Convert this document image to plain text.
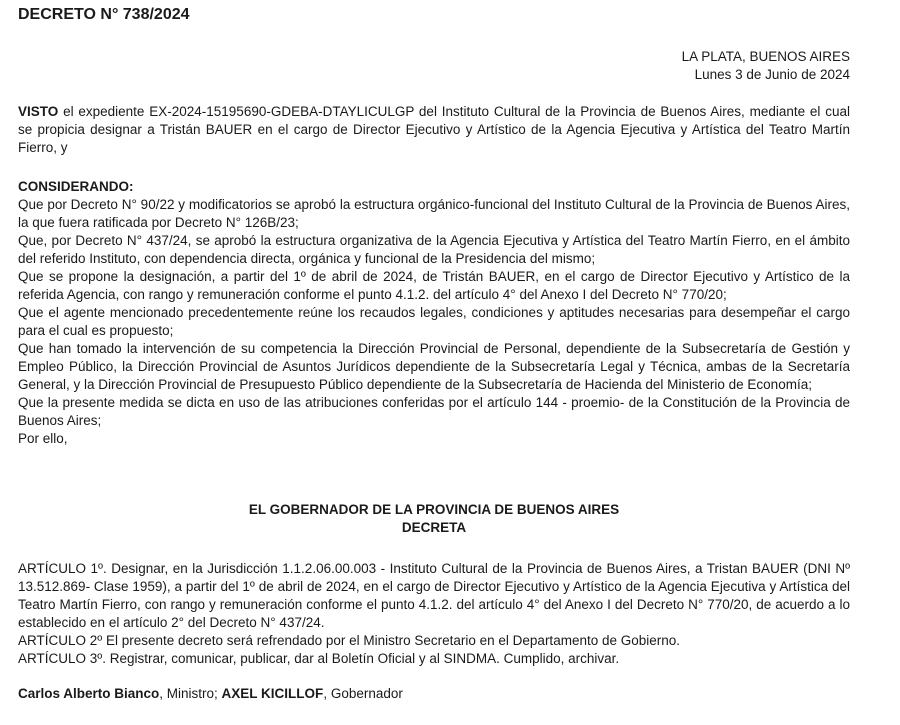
DECRETO N° 738/2024
LA PLATA, BUENOS AIRES
Lunes 3 de Junio de 2024
VISTO el expediente EX-2024-15195690-GDEBA-DTAYLICULGP del Instituto Cultural de la Provincia de Buenos Aires, mediante el cual se propicia designar a Tristán BAUER en el cargo de Director Ejecutivo y Artístico de la Agencia Ejecutiva y Artística del Teatro Martín Fierro, y
CONSIDERANDO:

Que por Decreto N° 90/22 y modificatorios se aprobó la estructura orgánico-funcional del Instituto Cultural de la Provincia de Buenos Aires, la que fuera ratificada por Decreto N° 126B/23;

Que, por Decreto N° 437/24, se aprobó la estructura organizativa de la Agencia Ejecutiva y Artística del Teatro Martín Fierro, en el ámbito del referido Instituto, con dependencia directa, orgánica y funcional de la Presidencia del mismo;

Que se propone la designación, a partir del 1º de abril de 2024, de Tristán BAUER, en el cargo de Director Ejecutivo y Artístico de la referida Agencia, con rango y remuneración conforme el punto 4.1.2. del artículo 4° del Anexo I del Decreto N° 770/20;

Que el agente mencionado precedentemente reúne los recaudos legales, condiciones y aptitudes necesarias para desempeñar el cargo para el cual es propuesto;

Que han tomado la intervención de su competencia la Dirección Provincial de Personal, dependiente de la Subsecretaría de Gestión y Empleo Público, la Dirección Provincial de Asuntos Jurídicos dependiente de la Subsecretaría Legal y Técnica, ambas de la Secretaría General, y la Dirección Provincial de Presupuesto Público dependiente de la Subsecretaría de Hacienda del Ministerio de Economía;

Que la presente medida se dicta en uso de las atribuciones conferidas por el artículo 144 - proemio- de la Constitución de la Provincia de Buenos Aires;

Por ello,

EL GOBERNADOR DE LA PROVINCIA DE BUENOS AIRES
DECRETA

ARTÍCULO 1º. Designar, en la Jurisdicción 1.1.2.06.00.003 - Instituto Cultural de la Provincia de Buenos Aires, a Tristan BAUER (DNI Nº 13.512.869- Clase 1959), a partir del 1º de abril de 2024, en el cargo de Director Ejecutivo y Artístico de la Agencia Ejecutiva y Artística del Teatro Martín Fierro, con rango y remuneración conforme el punto 4.1.2. del artículo 4° del Anexo I del Decreto N° 770/20, de acuerdo a lo establecido en el artículo 2° del Decreto N° 437/24.

ARTÍCULO 2º El presente decreto será refrendado por el Ministro Secretario en el Departamento de Gobierno.

ARTÍCULO 3º. Registrar, comunicar, publicar, dar al Boletín Oficial y al SINDMA. Cumplido, archivar.

Carlos Alberto Bianco, Ministro; AXEL KICILLOF, Gobernador
